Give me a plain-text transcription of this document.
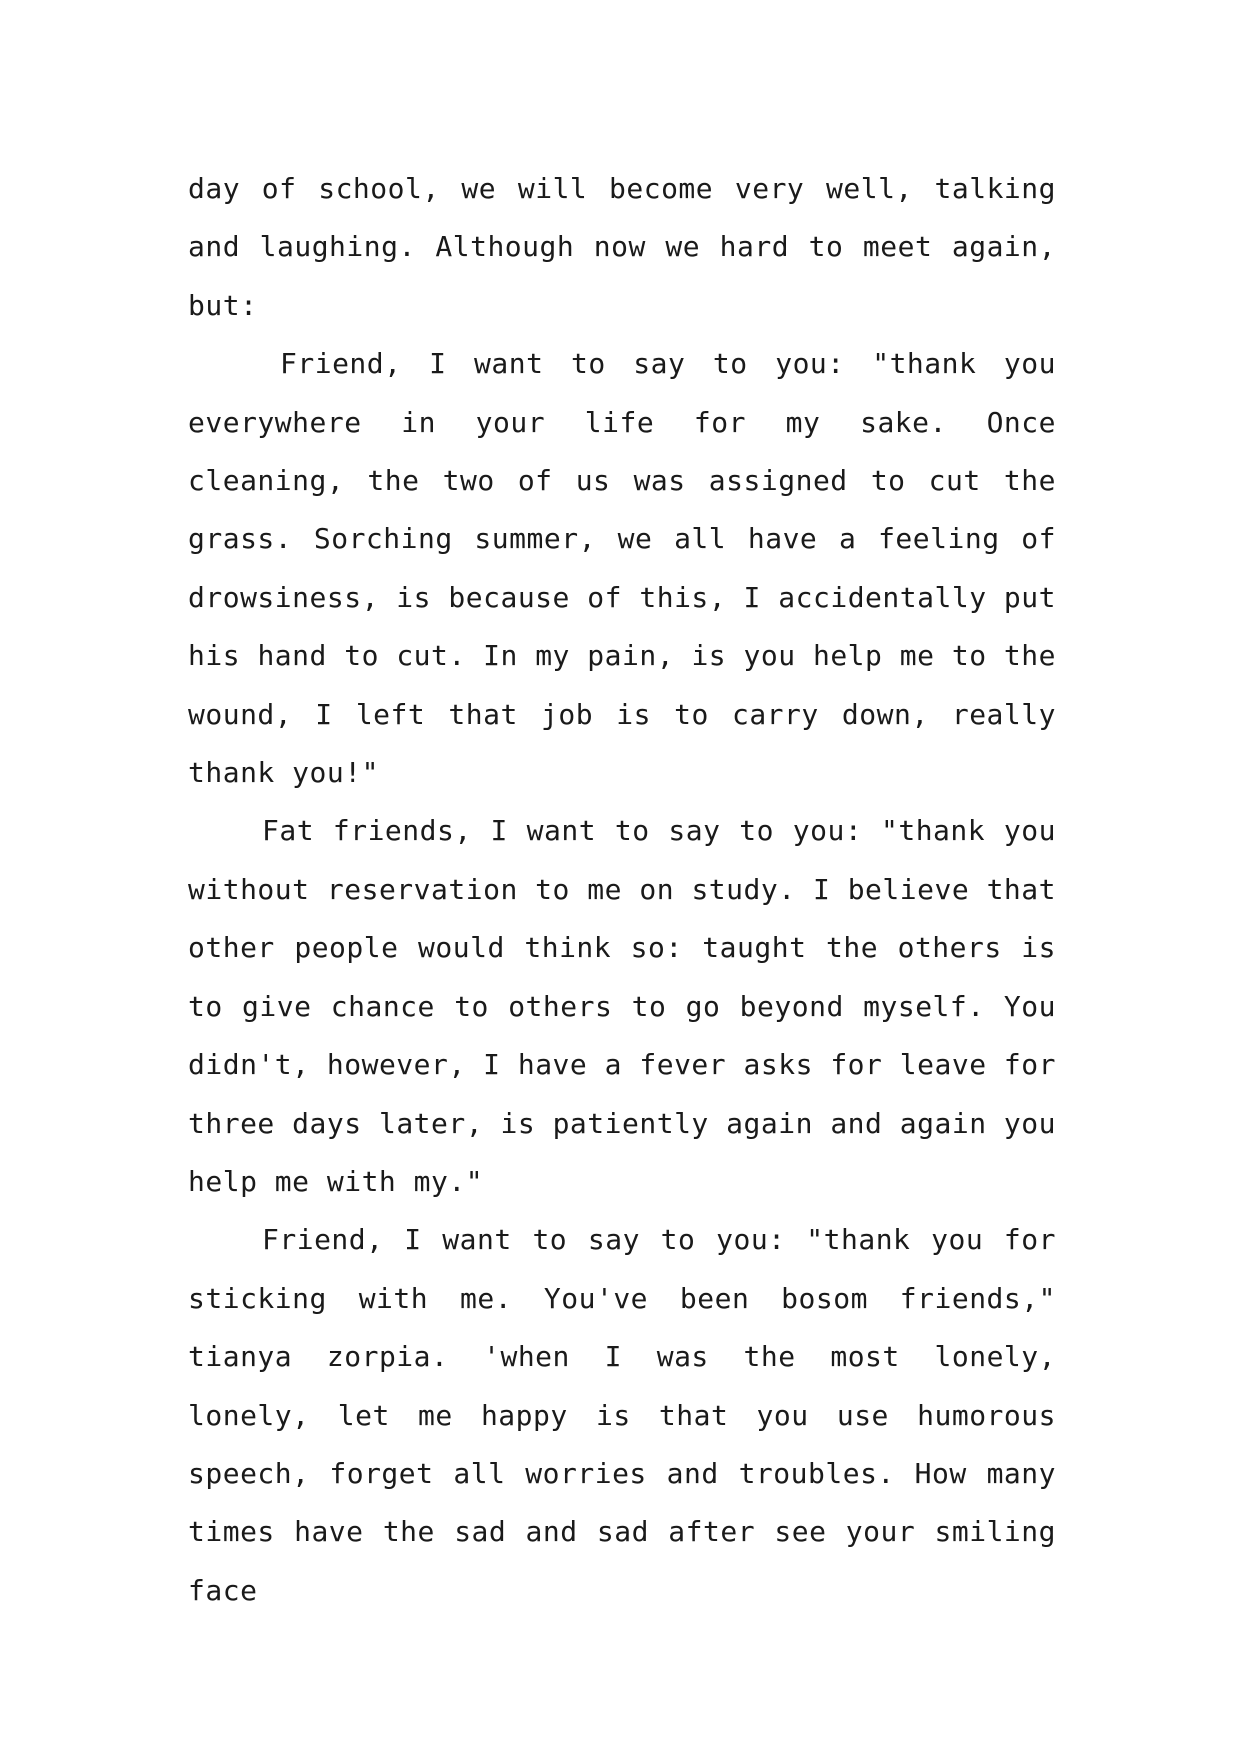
day of school, we will become very well, talking and laughing. Although now we hard to meet again, but:

Friend, I want to say to you: "thank you everywhere in your life for my sake. Once cleaning, the two of us was assigned to cut the grass. Sorching summer, we all have a feeling of drowsiness, is because of this, I accidentally put his hand to cut. In my pain, is you help me to the wound, I left that job is to carry down, really thank you!"

Fat friends, I want to say to you: "thank you without reservation to me on study. I believe that other people would think so: taught the others is to give chance to others to go beyond myself. You didn't, however, I have a fever asks for leave for three days later, is patiently again and again you help me with my."

Friend, I want to say to you: "thank you for sticking with me. You've been bosom friends," tianya zorpia. 'when I was the most lonely, lonely, let me happy is that you use humorous speech, forget all worries and troubles. How many times have the sad and sad after see your smiling face
